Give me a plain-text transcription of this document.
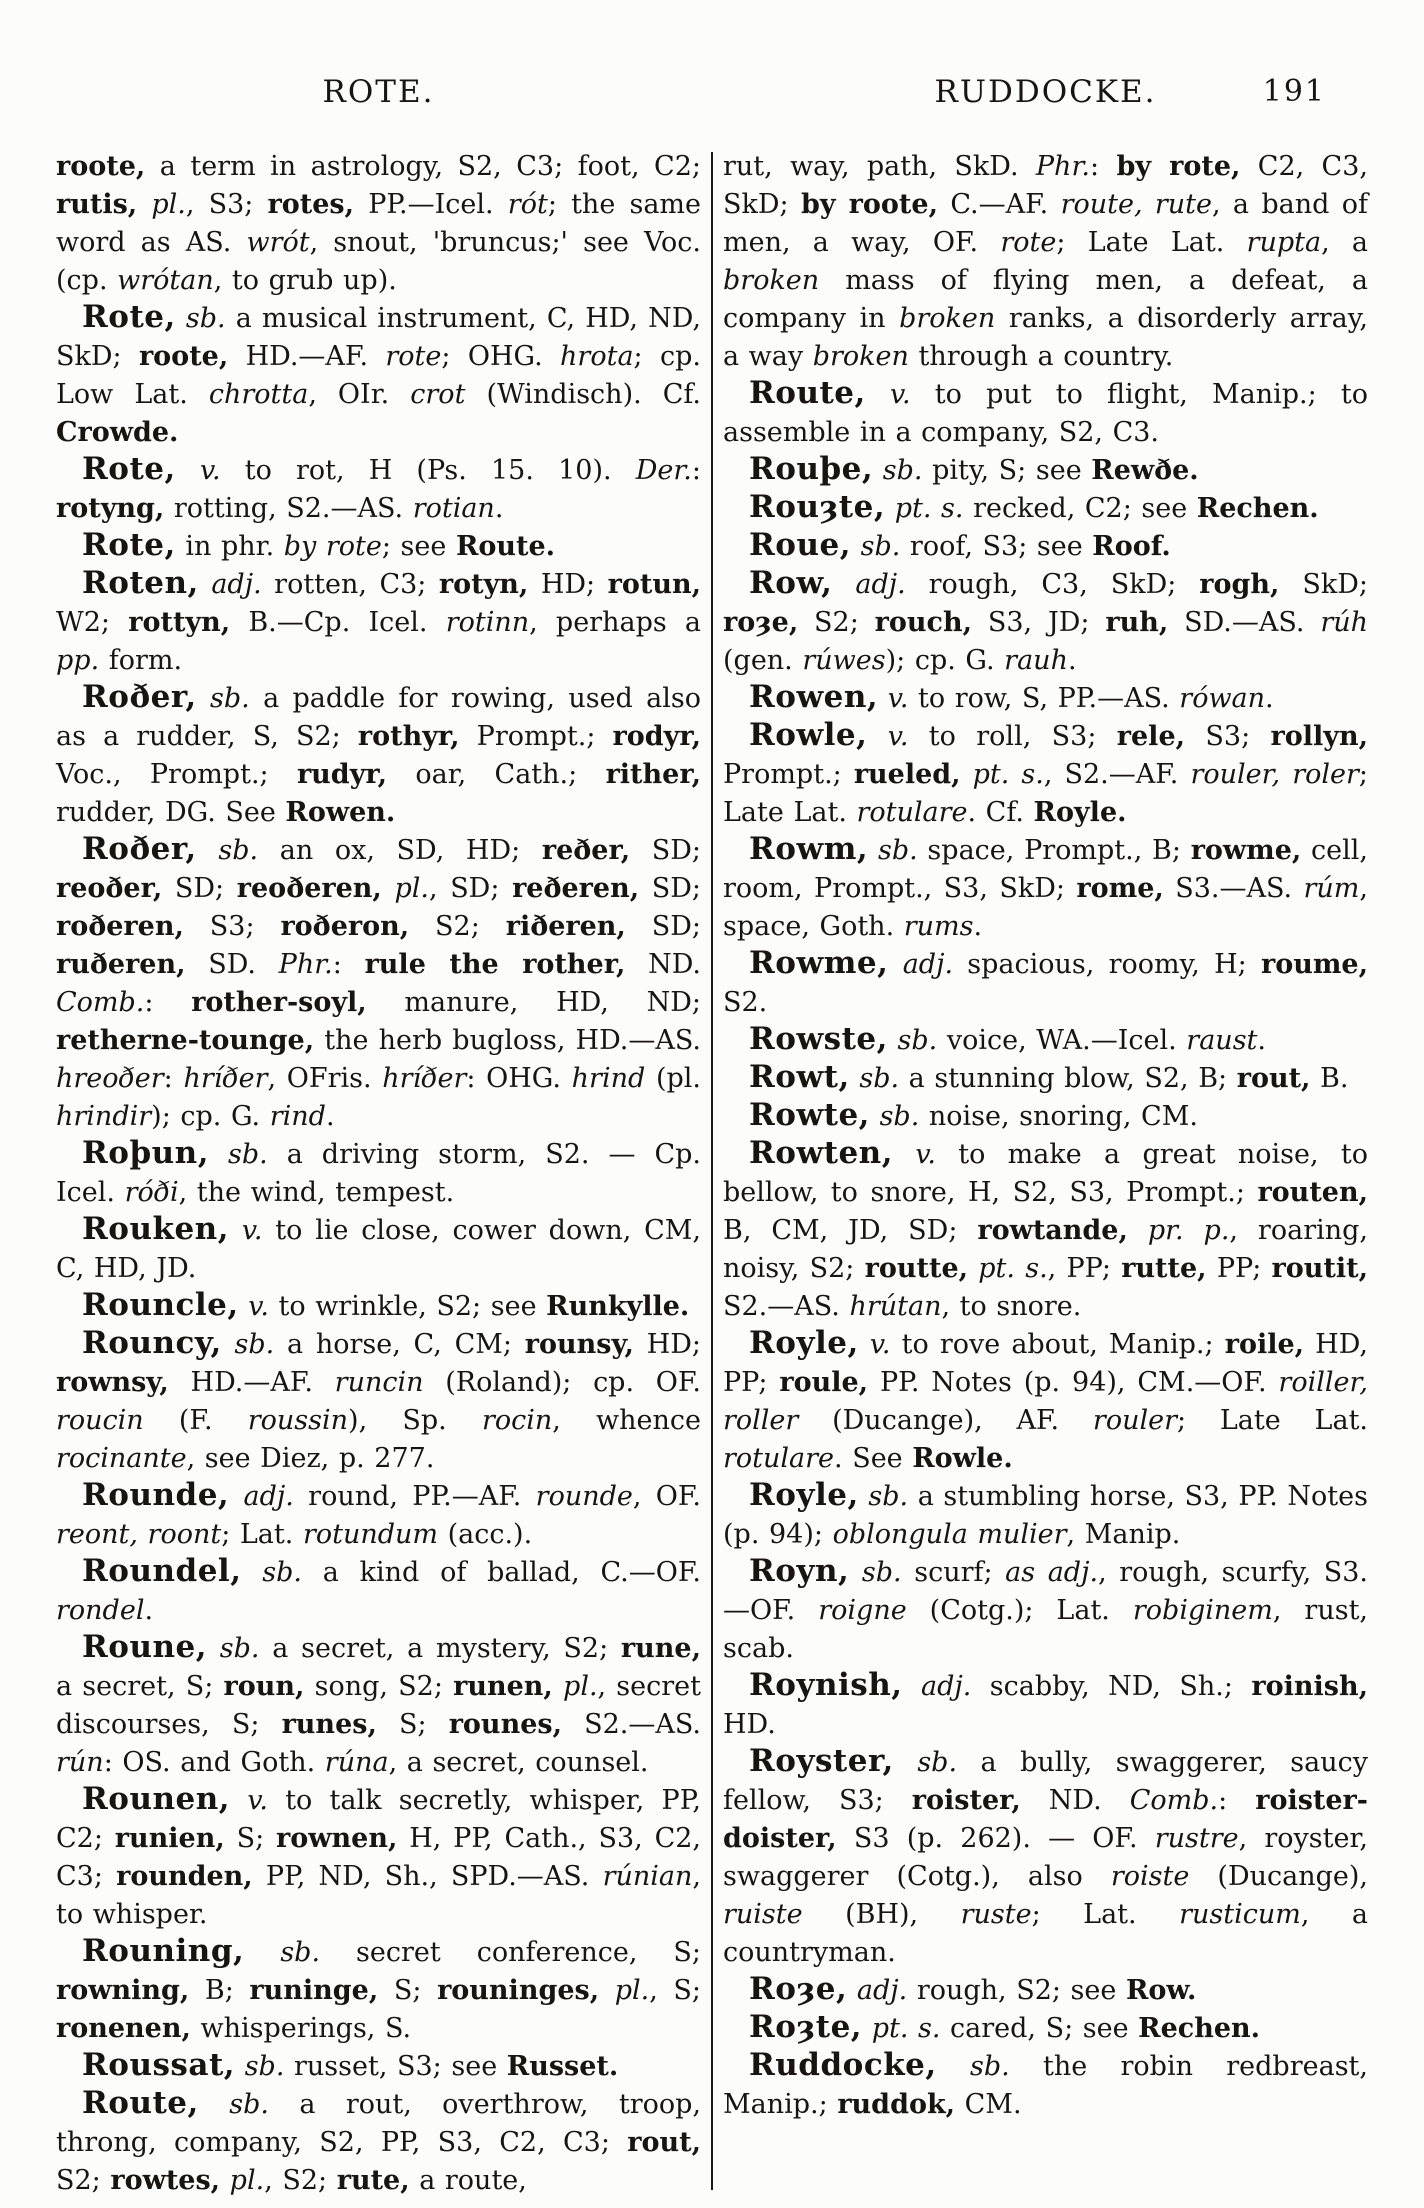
ROTE.	RUDDOCKE.	191

roote, a term in astrology, S2, C3; foot, C2; rutis, pl., S3; rotes, PP.—Icel. rót; the same word as AS. wrót, snout, 'bruncus;' see Voc. (cp. wrótan, to grub up).

Rote, sb. a musical instrument, C, HD, ND, SkD; roote, HD.—AF. rote; OHG. hrota; cp. Low Lat. chrotta, OIr. crot (Windisch). Cf. Crowde.

Rote, v. to rot, H (Ps. 15. 10). Der.: rotyng, rotting, S2.—AS. rotian.

Rote, in phr. by rote; see Route.

Roten, adj. rotten, C3; rotyn, HD; rotun, W2; rottyn, B.—Cp. Icel. rotinn, perhaps a pp. form.

Roðer, sb. a paddle for rowing, used also as a rudder, S, S2; rothyr, Prompt.; rodyr, Voc., Prompt.; rudyr, oar, Cath.; rither, rudder, DG. See Rowen.

Roðer, sb. an ox, SD, HD; reðer, SD; reoðer, SD; reoðeren, pl., SD; reðeren, SD; roðeren, S3; roðeron, S2; riðeren, SD; ruðeren, SD. Phr.: rule the rother, ND. Comb.: rother-soyl, manure, HD, ND; retherne-tounge, the herb bugloss, HD.—AS. hreoðer: hríðer, OFris. hríðer: OHG. hrind (pl. hrindir); cp. G. rind.

Roþun, sb. a driving storm, S2. — Cp. Icel. róði, the wind, tempest.

Rouken, v. to lie close, cower down, CM, C, HD, JD.

Rouncle, v. to wrinkle, S2; see Runkylle.

Rouncy, sb. a horse, C, CM; rounsy, HD; rownsy, HD.—AF. runcin (Roland); cp. OF. roucin (F. roussin), Sp. rocin, whence rocinante, see Diez, p. 277.

Rounde, adj. round, PP.—AF. rounde, OF. reont, roont; Lat. rotundum (acc.).

Roundel, sb. a kind of ballad, C.—OF. rondel.

Roune, sb. a secret, a mystery, S2; rune, a secret, S; roun, song, S2; runen, pl., secret discourses, S; runes, S; rounes, S2.—AS. rún: OS. and Goth. rúna, a secret, counsel.

Rounen, v. to talk secretly, whisper, PP, C2; runien, S; rownen, H, PP, Cath., S3, C2, C3; rounden, PP, ND, Sh., SPD.—AS. rúnian, to whisper.

Rouning, sb. secret conference, S; rowning, B; runinge, S; rouninges, pl., S; ronenen, whisperings, S.

Roussat, sb. russet, S3; see Russet.

Route, sb. a rout, overthrow, troop, throng, company, S2, PP, S3, C2, C3; rout, S2; rowtes, pl., S2; rute, a route,

rut, way, path, SkD. Phr.: by rote, C2, C3, SkD; by roote, C.—AF. route, rute, a band of men, a way, OF. rote; Late Lat. rupta, a broken mass of flying men, a defeat, a company in broken ranks, a disorderly array, a way broken through a country.

Route, v. to put to flight, Manip.; to assemble in a company, S2, C3.

Rouþe, sb. pity, S; see Rewðe.

Rouȝte, pt. s. recked, C2; see Rechen.

Roue, sb. roof, S3; see Roof.

Row, adj. rough, C3, SkD; rogh, SkD; roȝe, S2; rouch, S3, JD; ruh, SD.—AS. rúh (gen. rúwes); cp. G. rauh.

Rowen, v. to row, S, PP.—AS. rówan.

Rowle, v. to roll, S3; rele, S3; rollyn, Prompt.; rueled, pt. s., S2.—AF. rouler, roler; Late Lat. rotulare. Cf. Royle.

Rowm, sb. space, Prompt., B; rowme, cell, room, Prompt., S3, SkD; rome, S3.—AS. rúm, space, Goth. rums.

Rowme, adj. spacious, roomy, H; roume, S2.

Rowste, sb. voice, WA.—Icel. raust.

Rowt, sb. a stunning blow, S2, B; rout, B.

Rowte, sb. noise, snoring, CM.

Rowten, v. to make a great noise, to bellow, to snore, H, S2, S3, Prompt.; routen, B, CM, JD, SD; rowtande, pr. p., roaring, noisy, S2; routte, pt. s., PP; rutte, PP; routit, S2.—AS. hrútan, to snore.

Royle, v. to rove about, Manip.; roile, HD, PP; roule, PP. Notes (p. 94), CM.—OF. roiller, roller (Ducange), AF. rouler; Late Lat. rotulare. See Rowle.

Royle, sb. a stumbling horse, S3, PP. Notes (p. 94); oblongula mulier, Manip.

Royn, sb. scurf; as adj., rough, scurfy, S3.—OF. roigne (Cotg.); Lat. robiginem, rust, scab.

Roynish, adj. scabby, ND, Sh.; roinish, HD.

Royster, sb. a bully, swaggerer, saucy fellow, S3; roister, ND. Comb.: roister-doister, S3 (p. 262). — OF. rustre, royster, swaggerer (Cotg.), also roiste (Ducange), ruiste (BH), ruste; Lat. rusticum, a countryman.

Roȝe, adj. rough, S2; see Row.

Roȝte, pt. s. cared, S; see Rechen.

Ruddocke, sb. the robin redbreast, Manip.; ruddok, CM.
